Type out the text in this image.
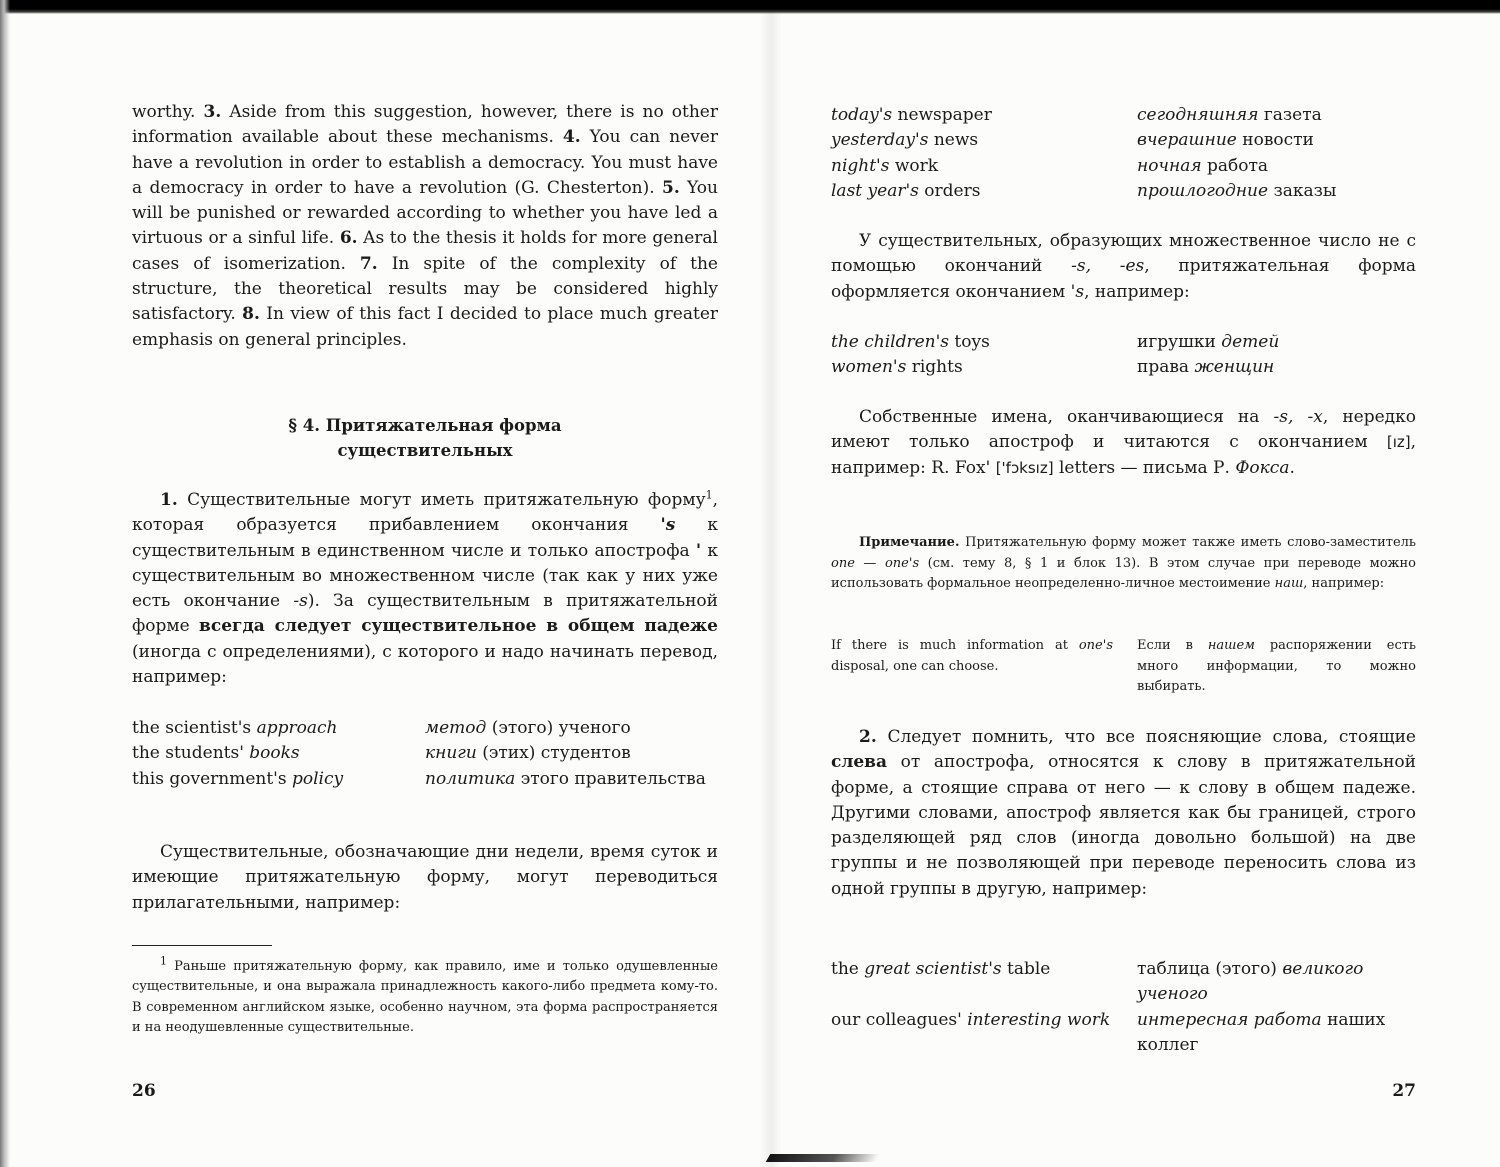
worthy. 3. Aside from this suggestion, however, there is no other information available about these mechanisms. 4. You can never have a revolution in order to establish a democracy. You must have a democracy in order to have a revolution (G. Chesterton). 5. You will be punished or rewarded according to whether you have led a virtuous or a sinful life. 6. As to the thesis it holds for more general cases of isomerization. 7. In spite of the complexity of the structure, the theoretical results may be considered highly satisfactory. 8. In view of this fact I decided to place much greater emphasis on general principles.

§ 4. Притяжательная форма
существительных

1. Существительные могут иметь притяжательную форму$^1$, которая образуется прибавлением окончания 's к существительным в единственном числе и только апострофа ' к существительным во множественном числе (так как у них уже есть окончание -s). За существительным в притяжательной форме всегда следует существительное в общем падеже (иногда с определениями), с которого и надо начинать перевод, например:

the scientist's approach	метод (этого) ученого
the students' books	книги (этих) студентов
this government's policy	политика этого правительства

Существительные, обозначающие дни недели, время суток и имеющие притяжательную форму, могут переводиться прилагательными, например:

$^1$ Раньше притяжательную форму, как правило, име и только одушевленные существительные, и она выражала принадлежность какого-либо предмета кому-то. В современном английском языке, особенно научном, эта форма распространяется и на неодушевленные существительные.

26
today's newspaper	сегодняшняя газета
yesterday's news	вчерашние новости
night's work	ночная работа
last year's orders	прошлогодние заказы

У существительных, образующих множественное число не с помощью окончаний -s, -es, притяжательная форма оформляется окончанием 's, например:

the children's toys	игрушки детей
women's rights	права женщин

Собственные имена, оканчивающиеся на -s, -x, нередко имеют только апостроф и читаются с окончанием [ız], например: R. Fox' ['fɔksız] letters — письма Р. Фокса.

Примечание. Притяжательную форму может также иметь слово-заместитель one — one's (см. тему 8, § 1 и блок 13). В этом случае при переводе можно использовать формальное неопределенно-личное местоимение наш, например:

If there is much information at one's disposal, one can choose.
Если в нашем распоряжении есть много информации, то можно выбирать.

2. Следует помнить, что все поясняющие слова, стоящие слева от апострофа, относятся к слову в притяжательной форме, а стоящие справа от него — к слову в общем падеже. Другими словами, апостроф является как бы границей, строго разделяющей ряд слов (иногда довольно большой) на две группы и не позволяющей при переводе переносить слова из одной группы в другую, например:

the great scientist's table	таблица (этого) великого ученого
our colleagues' interesting work	интересная работа наших коллег
27
